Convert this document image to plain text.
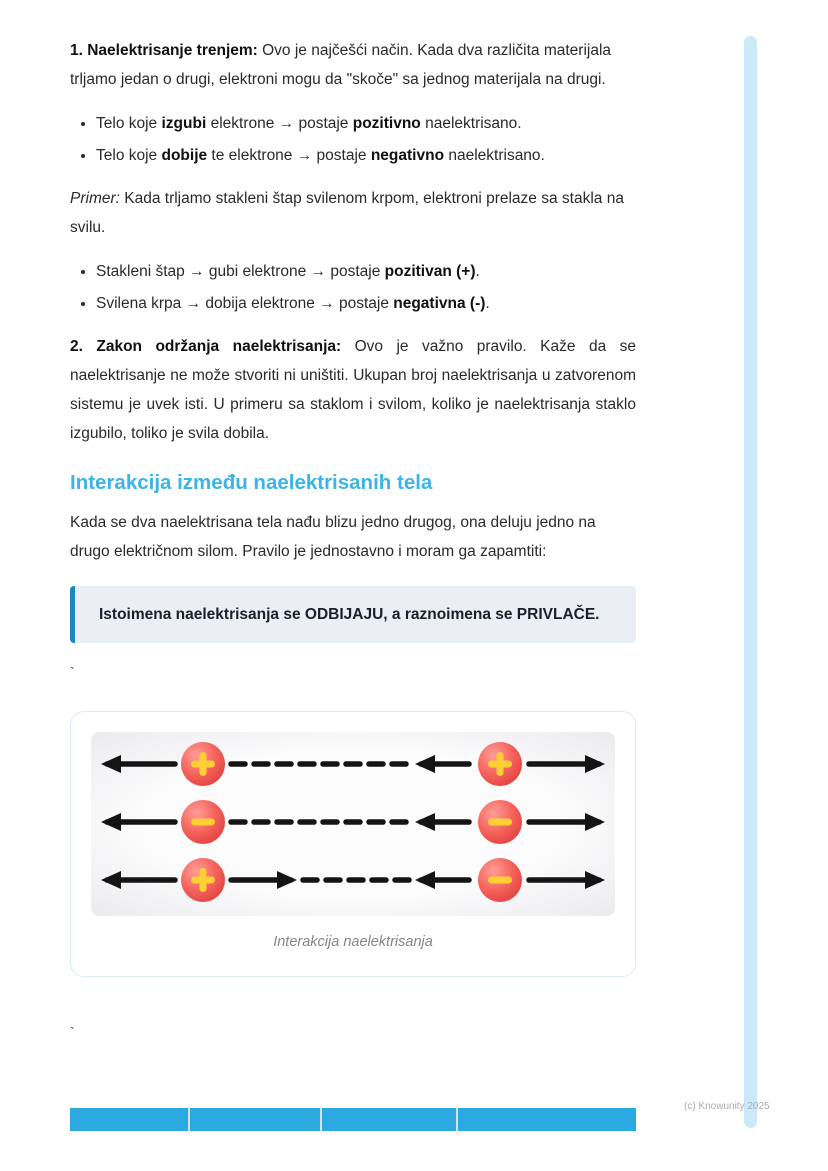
1. Naelektrisanje trenjem: Ovo je najčešći način. Kada dva različita materijala trljamo jedan o drugi, elektroni mogu da "skoče" sa jednog materijala na drugi.

• Telo koje izgubi elektrone → postaje pozitivno naelektrisano.
• Telo koje dobije te elektrone → postaje negativno naelektrisano.

Primer: Kada trljamo stakleni štap svilenom krpom, elektroni prelaze sa stakla na svilu.

• Stakleni štap → gubi elektrone → postaje pozitivan (+).
• Svilena krpa → dobija elektrone → postaje negativna (-).

2. Zakon održanja naelektrisanja: Ovo je važno pravilo. Kaže da se naelektrisanje ne može stvoriti ni uništiti. Ukupan broj naelektrisanja u zatvorenom sistemu je uvek isti. U primeru sa staklom i svilom, koliko je naelektrisanja staklo izgubilo, toliko je svila dobila.

Interakcija između naelektrisanih tela

Kada se dva naelektrisana tela nađu blizu jedno drugog, ona deluju jedno na drugo električnom silom. Pravilo je jednostavno i moram ga zapamtiti:

Istoimena naelektrisanja se ODBIJAJU, a raznoimena se PRIVLAČE.

`

Interakcija naelektrisanja

`

(c) Knowunity 2025
